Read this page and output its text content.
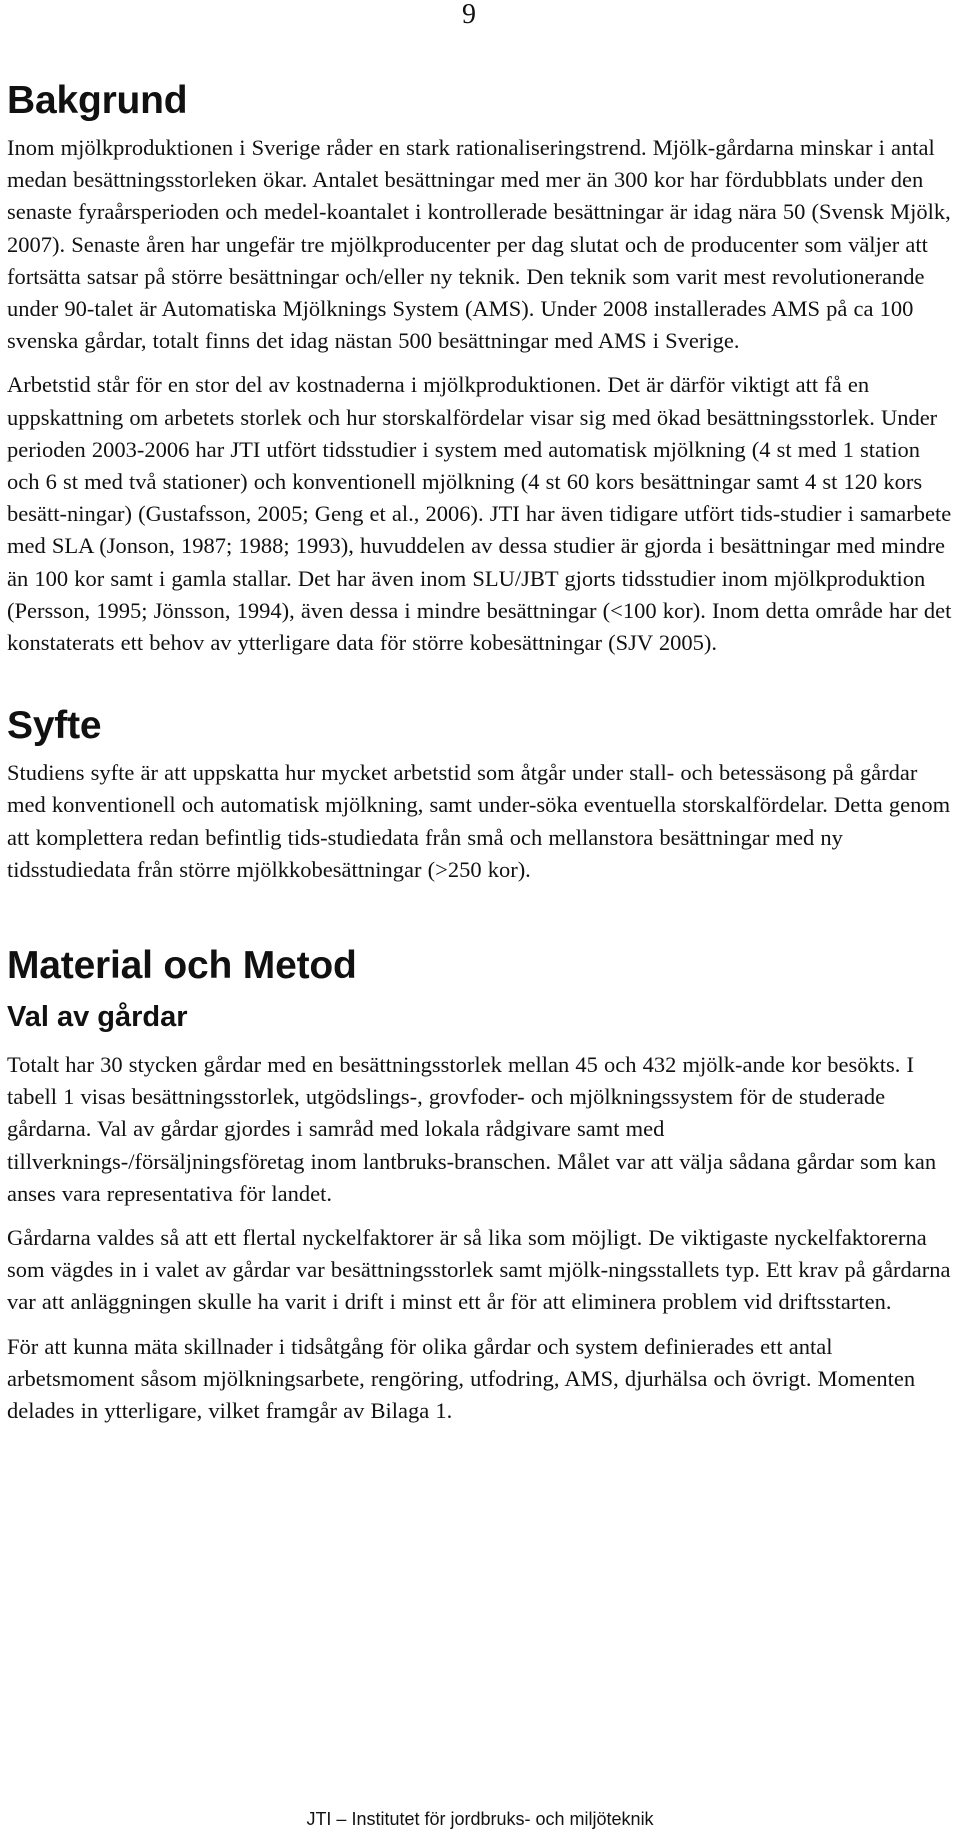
9
Bakgrund

Inom mjölkproduktionen i Sverige råder en stark rationaliseringstrend. Mjölk-gårdarna minskar i antal medan besättningsstorleken ökar. Antalet besättningar med mer än 300 kor har fördubblats under den senaste fyraårsperioden och medel-koantalet i kontrollerade besättningar är idag nära 50 (Svensk Mjölk, 2007). Senaste åren har ungefär tre mjölkproducenter per dag slutat och de producenter som väljer att fortsätta satsar på större besättningar och/eller ny teknik. Den teknik som varit mest revolutionerande under 90-talet är Automatiska Mjölknings System (AMS). Under 2008 installerades AMS på ca 100 svenska gårdar, totalt finns det idag nästan 500 besättningar med AMS i Sverige.

Arbetstid står för en stor del av kostnaderna i mjölkproduktionen. Det är därför viktigt att få en uppskattning om arbetets storlek och hur storskalfördelar visar sig med ökad besättningsstorlek. Under perioden 2003-2006 har JTI utfört tidsstudier i system med automatisk mjölkning (4 st med 1 station och 6 st med två stationer) och konventionell mjölkning (4 st 60 kors besättningar samt 4 st 120 kors besätt-ningar) (Gustafsson, 2005; Geng et al., 2006). JTI har även tidigare utfört tids-studier i samarbete med SLA (Jonson, 1987; 1988; 1993), huvuddelen av dessa studier är gjorda i besättningar med mindre än 100 kor samt i gamla stallar. Det har även inom SLU/JBT gjorts tidsstudier inom mjölkproduktion (Persson, 1995; Jönsson, 1994), även dessa i mindre besättningar (<100 kor). Inom detta område har det konstaterats ett behov av ytterligare data för större kobesättningar (SJV 2005).

Syfte

Studiens syfte är att uppskatta hur mycket arbetstid som åtgår under stall- och betessäsong på gårdar med konventionell och automatisk mjölkning, samt under-söka eventuella storskalfördelar. Detta genom att komplettera redan befintlig tids-studiedata från små och mellanstora besättningar med ny tidsstudiedata från större mjölkkobesättningar (>250 kor).

Material och Metod
Val av gårdar

Totalt har 30 stycken gårdar med en besättningsstorlek mellan 45 och 432 mjölk-ande kor besökts. I tabell 1 visas besättningsstorlek, utgödslings-, grovfoder- och mjölkningssystem för de studerade gårdarna. Val av gårdar gjordes i samråd med lokala rådgivare samt med tillverknings-/försäljningsföretag inom lantbruks-branschen. Målet var att välja sådana gårdar som kan anses vara representativa för landet.

Gårdarna valdes så att ett flertal nyckelfaktorer är så lika som möjligt. De viktigaste nyckelfaktorerna som vägdes in i valet av gårdar var besättningsstorlek samt mjölk-ningsstallets typ. Ett krav på gårdarna var att anläggningen skulle ha varit i drift i minst ett år för att eliminera problem vid driftsstarten.

För att kunna mäta skillnader i tidsåtgång för olika gårdar och system definierades ett antal arbetsmoment såsom mjölkningsarbete, rengöring, utfodring, AMS, djurhälsa och övrigt. Momenten delades in ytterligare, vilket framgår av Bilaga 1.

JTI – Institutet för jordbruks- och miljöteknik
